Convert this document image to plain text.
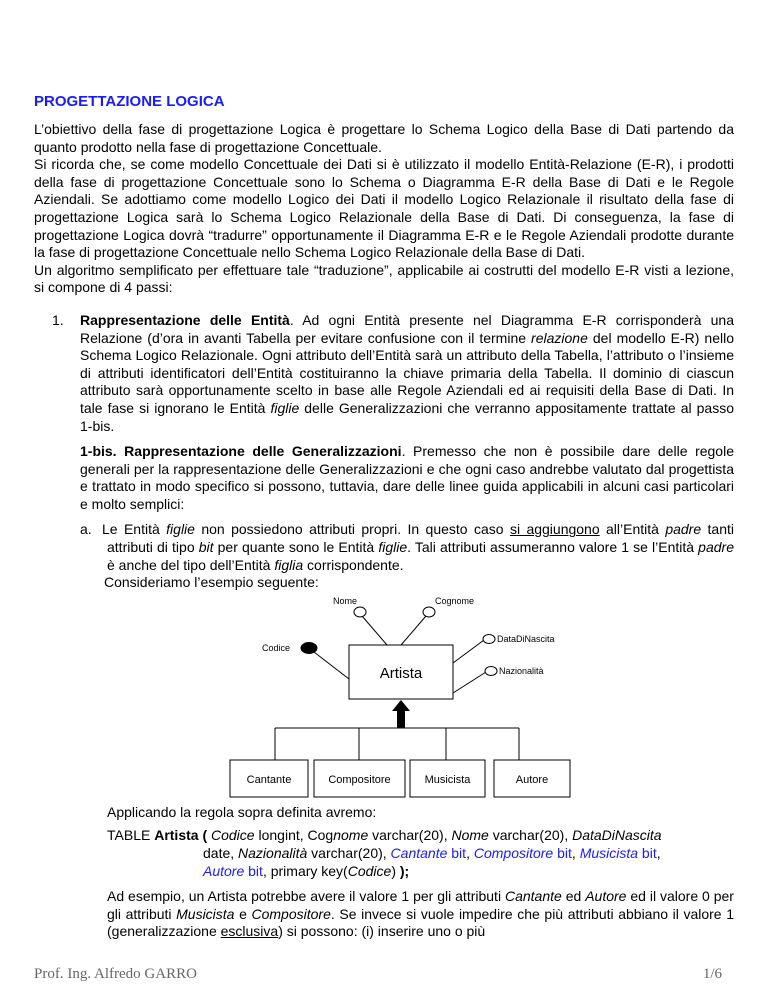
PROGETTAZIONE LOGICA
L’obiettivo della fase di progettazione Logica è progettare lo Schema Logico della Base di Dati partendo da quanto prodotto nella fase di progettazione Concettuale.
Si ricorda che, se come modello Concettuale dei Dati si è utilizzato il modello Entità-Relazione (E-R), i prodotti della fase di progettazione Concettuale sono lo Schema o Diagramma E-R della Base di Dati e le Regole Aziendali. Se adottiamo come modello Logico dei Dati il modello Logico Relazionale il risultato della fase di progettazione Logica sarà lo Schema Logico Relazionale della Base di Dati. Di conseguenza, la fase di progettazione Logica dovrà “tradurre” opportunamente il Diagramma E-R e le Regole Aziendali prodotte durante la fase di progettazione Concettuale nello Schema Logico Relazionale della Base di Dati.
Un algoritmo semplificato per effettuare tale “traduzione”, applicabile ai costrutti del modello E-R visti a lezione, si compone di 4 passi:
1. Rappresentazione delle Entità. Ad ogni Entità presente nel Diagramma E-R corrisponderà una Relazione (d’ora in avanti Tabella per evitare confusione con il termine relazione del modello E-R) nello Schema Logico Relazionale. Ogni attributo dell’Entità sarà un attributo della Tabella, l’attributo o l’insieme di attributi identificatori dell’Entità costituiranno la chiave primaria della Tabella. Il dominio di ciascun attributo sarà opportunamente scelto in base alle Regole Aziendali ed ai requisiti della Base di Dati. In tale fase si ignorano le Entità figlie delle Generalizzazioni che verranno appositamente trattate al passo 1-bis.
1-bis. Rappresentazione delle Generalizzazioni. Premesso che non è possibile dare delle regole generali per la rappresentazione delle Generalizzazioni e che ogni caso andrebbe valutato dal progettista e trattato in modo specifico si possono, tuttavia, dare delle linee guida applicabili in alcuni casi particolari e molto semplici:
a. Le Entità figlie non possiedono attributi propri. In questo caso si aggiungono all’Entità padre tanti attributi di tipo bit per quante sono le Entità figlie. Tali attributi assumeranno valore 1 se l’Entità padre è anche del tipo dell’Entità figlia corrispondente.
Consideriamo l’esempio seguente:
Artista
Nome	Cognome
Codice
DataDiNascita
Nazionalità
Cantante	Compositore	Musicista	Autore
Applicando la regola sopra definita avremo:
TABLE Artista ( Codice longint, Cognome varchar(20), Nome varchar(20), DataDiNascita
date, Nazionalità varchar(20), Cantante bit, Compositore bit, Musicista bit,
Autore bit, primary key(Codice) );
Ad esempio, un Artista potrebbe avere il valore 1 per gli attributi Cantante ed Autore ed il valore 0 per gli attributi Musicista e Compositore. Se invece si vuole impedire che più attributi abbiano il valore 1 (generalizzazione esclusiva) si possono: (i) inserire uno o più
Prof. Ing. Alfredo GARRO	1/6
